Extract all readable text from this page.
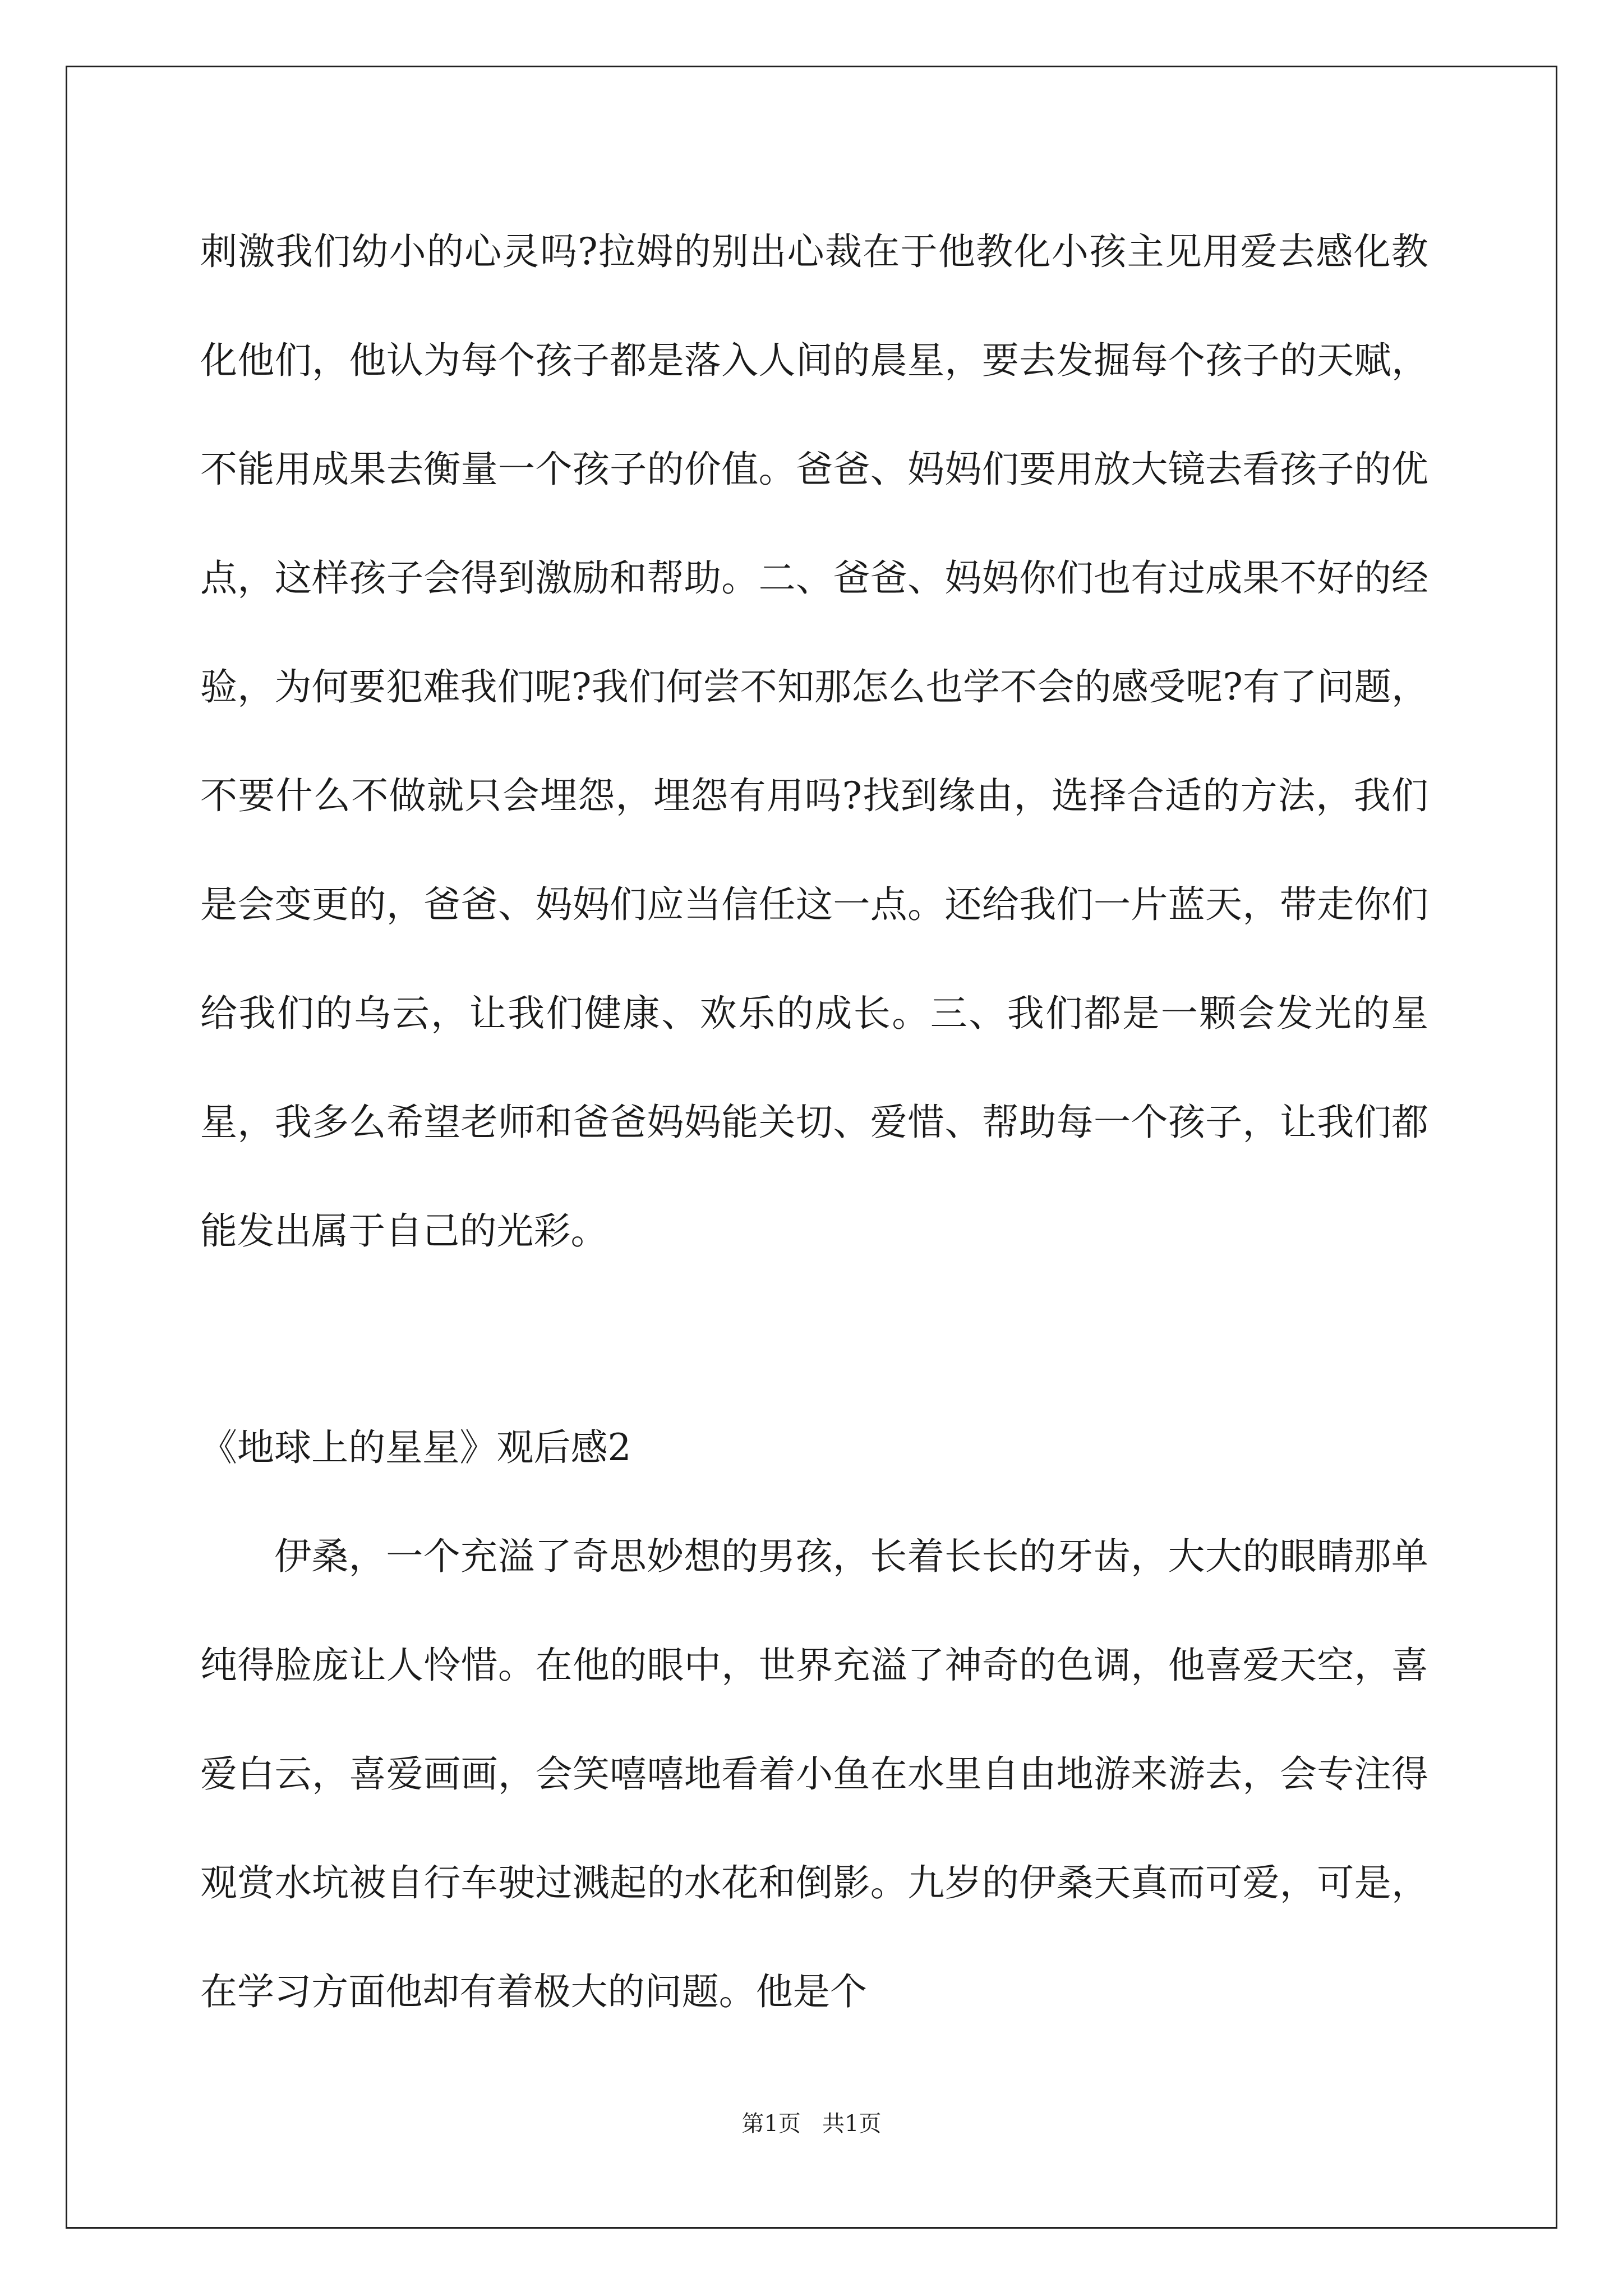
刺激我们幼小的心灵吗?拉姆的别出心裁在于他教化小孩主见用爱去感化教化他们，他认为每个孩子都是落入人间的晨星，要去发掘每个孩子的天赋，不能用成果去衡量一个孩子的价值。爸爸、妈妈们要用放大镜去看孩子的优点，这样孩子会得到激励和帮助。二、爸爸、妈妈你们也有过成果不好的经验，为何要犯难我们呢?我们何尝不知那怎么也学不会的感受呢?有了问题，不要什么不做就只会埋怨，埋怨有用吗?找到缘由，选择合适的方法，我们是会变更的，爸爸、妈妈们应当信任这一点。还给我们一片蓝天，带走你们给我们的乌云，让我们健康、欢乐的成长。三、我们都是一颗会发光的星星，我多么希望老师和爸爸妈妈能关切、爱惜、帮助每一个孩子，让我们都能发出属于自己的光彩。

《地球上的星星》观后感2

伊桑，一个充溢了奇思妙想的男孩，长着长长的牙齿，大大的眼睛那单纯得脸庞让人怜惜。在他的眼中，世界充溢了神奇的色调，他喜爱天空，喜爱白云，喜爱画画，会笑嘻嘻地看着小鱼在水里自由地游来游去，会专注得观赏水坑被自行车驶过溅起的水花和倒影。九岁的伊桑天真而可爱，可是，在学习方面他却有着极大的问题。他是个

第1页   共1页
